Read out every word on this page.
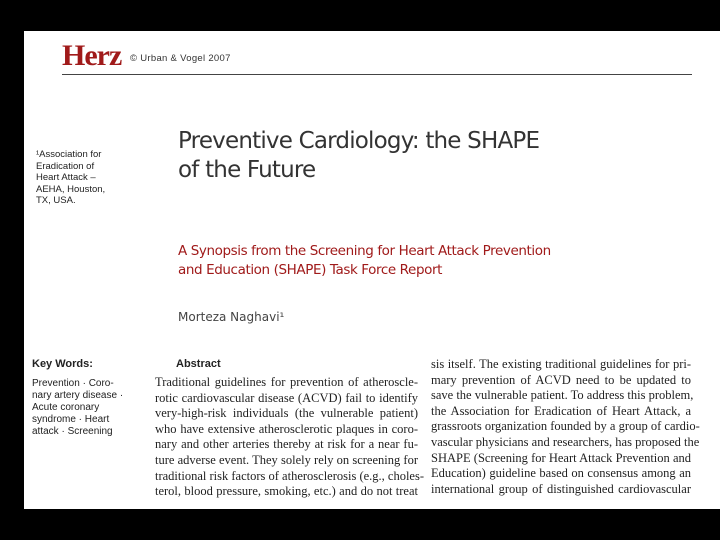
Herz © Urban & Vogel 2007
¹Association for
Eradication of
Heart Attack –
AEHA, Houston,
TX, USA.
Preventive Cardiology: the SHAPE
of the Future
A Synopsis from the Screening for Heart Attack Prevention
and Education (SHAPE) Task Force Report
Morteza Naghavi¹
Key Words:
Prevention · Coro-
nary artery disease ·
Acute coronary
syndrome · Heart
attack · Screening
Abstract
Traditional guidelines for prevention of atheroscle-
rotic cardiovascular disease (ACVD) fail to identify
very-high-risk individuals (the vulnerable patient)
who have extensive atherosclerotic plaques in coro-
nary and other arteries thereby at risk for a near fu-
ture adverse event. They solely rely on screening for
traditional risk factors of atherosclerosis (e.g., choles-
terol, blood pressure, smoking, etc.) and do not treat
sis itself. The existing traditional guidelines for pri-
mary prevention of ACVD need to be updated to
save the vulnerable patient. To address this problem,
the Association for Eradication of Heart Attack, a
grassroots organization founded by a group of cardio-
vascular physicians and researchers, has proposed the
SHAPE (Screening for Heart Attack Prevention and
Education) guideline based on consensus among an
international group of distinguished cardiovascular
